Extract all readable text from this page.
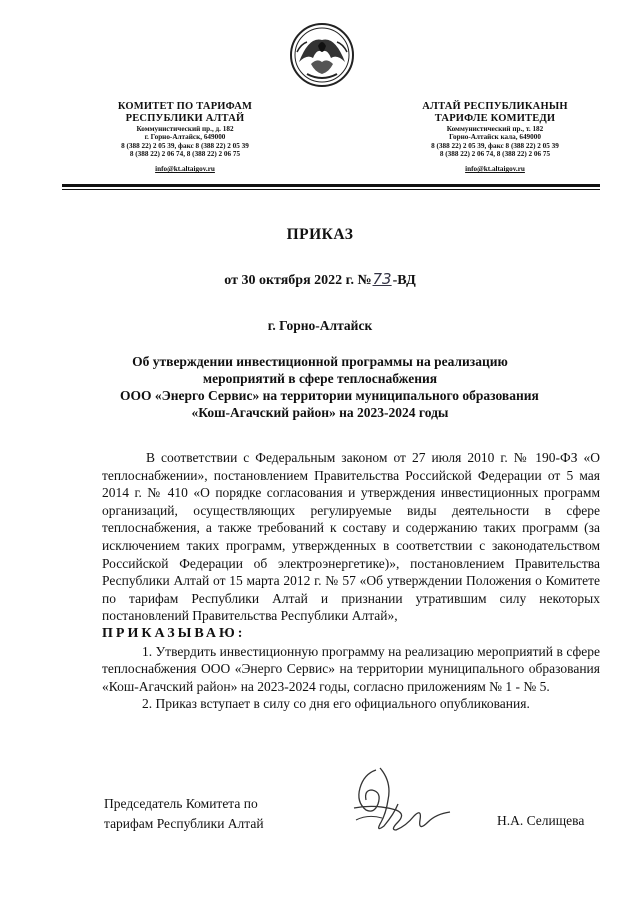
КОМИТЕТ ПО ТАРИФАМ
РЕСПУБЛИКИ АЛТАЙ
Коммунистический пр., д. 182
г. Горно-Алтайск, 649000
8 (388 22) 2 05 39, факс 8 (388 22) 2 05 39
8 (388 22) 2 06 74, 8 (388 22) 2 06 75
info@kt.altaigov.ru
АЛТАЙ РЕСПУБЛИКАНЫН
ТАРИФЛЕ КОМИТЕДИ
Коммунистический пр., т. 182
Горно-Алтайск кала, 649000
8 (388 22) 2 05 39, факс 8 (388 22) 2 05 39
8 (388 22) 2 06 74, 8 (388 22) 2 06 75
info@kt.altaigov.ru
ПРИКАЗ
от 30 октября 2022 г. №73-ВД
г. Горно-Алтайск
Об утверждении инвестиционной программы на реализацию
мероприятий в сфере теплоснабжения
ООО «Энерго Сервис» на территории муниципального образования
«Кош-Агачский район» на 2023-2024 годы

В соответствии с Федеральным законом от 27 июля 2010 г. № 190-ФЗ «О теплоснабжении», постановлением Правительства Российской Федерации от 5 мая 2014 г. № 410 «О порядке согласования и утверждения инвестиционных программ организаций, осуществляющих регулируемые виды деятельности в сфере теплоснабжения, а также требований к составу и содержанию таких программ (за исключением таких программ, утвержденных в соответствии с законодательством Российской Федерации об электроэнергетике)», постановлением Правительства Республики Алтай от 15 марта 2012 г. № 57 «Об утверждении Положения о Комитете по тарифам Республики Алтай и признании утратившим силу некоторых постановлений Правительства Республики Алтай»,

ПРИКАЗЫВАЮ:

1. Утвердить инвестиционную программу на реализацию мероприятий в сфере теплоснабжения ООО «Энерго Сервис» на территории муниципального образования «Кош-Агачский район» на 2023-2024 годы, согласно приложениям № 1 - № 5.

2. Приказ вступает в силу со дня его официального опубликования.

Председатель Комитета по
тарифам Республики Алтай	Н.А. Селищева
